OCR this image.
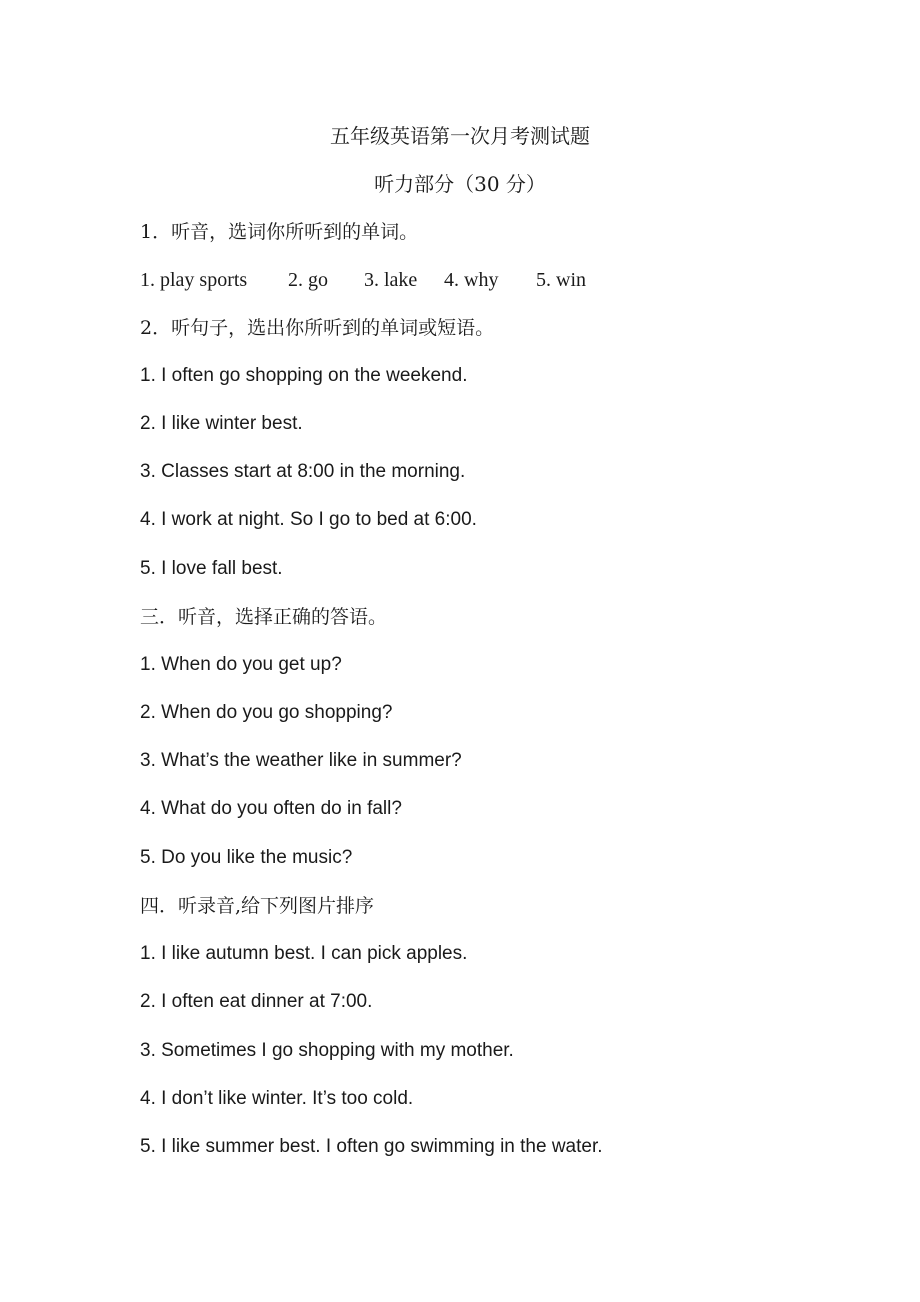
五年级英语第一次月考测试题
听力部分（30 分）
1．听音，选词你所听到的单词。
1. play sports 2. go 3. lake 4. why 5. win
2．听句子，选出你所听到的单词或短语。
1. I often go shopping on the weekend.
2. I like winter best.
3. Classes start at 8:00 in the morning.
4. I work at night. So I go to bed at 6:00.
5. I love fall best.
三．听音，选择正确的答语。
1. When do you get up?
2. When do you go shopping?
3. What’s the weather like in summer?
4. What do you often do in fall?
5. Do you like the music?
四．听录音,给下列图片排序
1. I like autumn best. I can pick apples.
2. I often eat dinner at 7:00.
3. Sometimes I go shopping with my mother.
4. I don’t like winter. It’s too cold.
5. I like summer best. I often go swimming in the water.
